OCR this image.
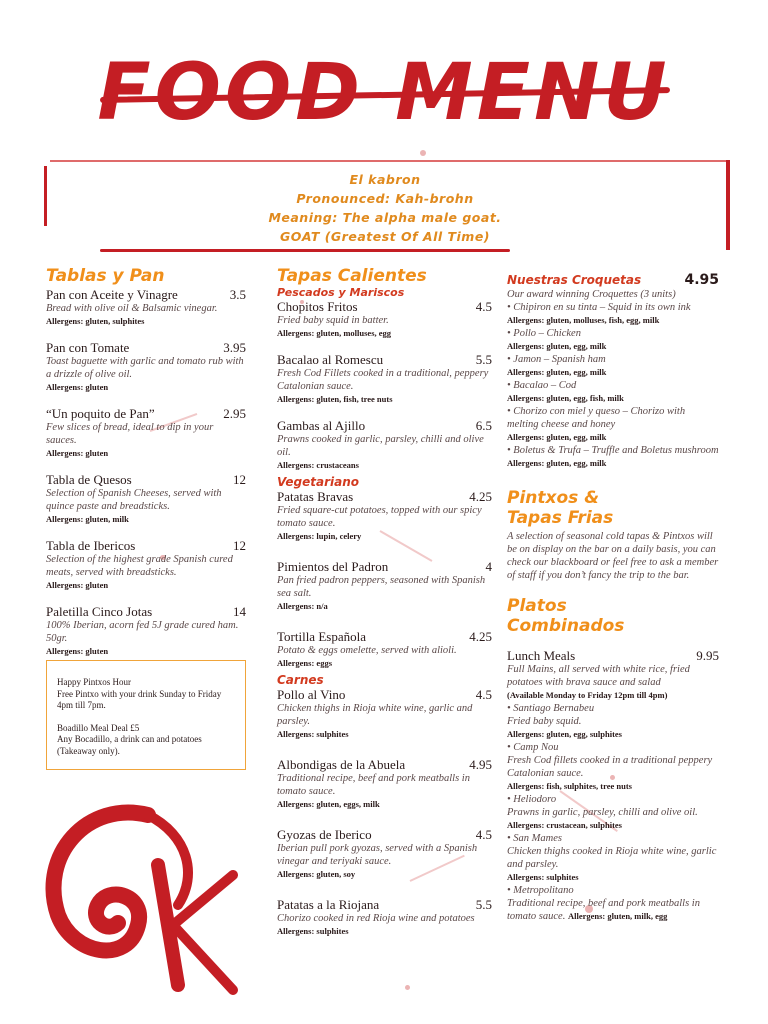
FOOD MENU
El kabron
Pronounced: Kah-brohn
Meaning: The alpha male goat.
GOAT (Greatest Of All Time)
Tablas y Pan
Pan con Aceite y Vinagre	3.5
Bread with olive oil & Balsamic vinegar.
Allergens: gluten, sulphites
Pan con Tomate	3.95
Toast baguette with garlic and tomato rub with a drizzle of olive oil.
Allergens: gluten
“Un poquito de Pan”	2.95
Few slices of bread, ideal to dip in your sauces.
Allergens: gluten
Tabla de Quesos	12
Selection of Spanish Cheeses, served with quince paste and breadsticks.
Allergens: gluten, milk
Tabla de Ibericos	12
Selection of the highest grade Spanish cured meats, served with breadsticks.
Allergens: gluten
Paletilla Cinco Jotas	14
100% Iberian, acorn fed 5J grade cured ham. 50gr.
Allergens: gluten
Happy Pintxos Hour
Free Pintxo with your drink Sunday to Friday 4pm till 7pm.
Boadillo Meal Deal £5
Any Bocadillo, a drink can and potatoes (Takeaway only).
Tapas Calientes
Pescados y Mariscos
Chopitos Fritos	4.5
Fried baby squid in batter.
Allergens: gluten, molluses, egg
Bacalao al Romescu	5.5
Fresh Cod Fillets cooked in a traditional, peppery Catalonian sauce.
Allergens: gluten, fish, tree nuts
Gambas al Ajillo	6.5
Prawns cooked in garlic, parsley, chilli and olive oil.
Allergens: crustaceans
Vegetariano
Patatas Bravas	4.25
Fried square-cut potatoes, topped with our spicy tomato sauce.
Allergens: lupin, celery
Pimientos del Padron	4
Pan fried padron peppers, seasoned with Spanish sea salt.
Allergens: n/a
Tortilla Española	4.25
Potato & eggs omelette, served with alioli.
Allergens: eggs
Carnes
Pollo al Vino	4.5
Chicken thighs in Rioja white wine, garlic and parsley.
Allergens: sulphites
Albondigas de la Abuela	4.95
Traditional recipe, beef and pork meatballs in tomato sauce.
Allergens: gluten, eggs, milk
Gyozas de Iberico	4.5
Iberian pull pork gyozas, served with a Spanish vinegar and teriyaki sauce.
Allergens: gluten, soy
Patatas a la Riojana	5.5
Chorizo cooked in red Rioja wine and potatoes
Allergens: sulphites
Nuestras Croquetas	4.95
Our award winning Croquettes (3 units)
• Chipiron en su tinta – Squid in its own ink
Allergens: gluten, molluses, fish, egg, milk
• Pollo – Chicken
Allergens: gluten, egg, milk
• Jamon – Spanish ham
Allergens: gluten, egg, milk
• Bacalao – Cod
Allergens: gluten, egg, fish, milk
• Chorizo con miel y queso – Chorizo with melting cheese and honey
Allergens: gluten, egg, milk
• Boletus & Trufa – Truffle and Boletus mushroom
Allergens: gluten, egg, milk
Pintxos &
Tapas Frias
A selection of seasonal cold tapas & Pintxos will be on display on the bar on a daily basis, you can check our blackboard or feel free to ask a member of staff if you don’t fancy the trip to the bar.
Platos
Combinados
Lunch Meals	9.95
Full Mains, all served with white rice, fried potatoes with brava sauce and salad
(Available Monday to Friday 12pm till 4pm)
• Santiago Bernabeu
Fried baby squid.
Allergens: gluten, egg, sulphites
• Camp Nou
Fresh Cod fillets cooked in a traditional peppery Catalonian sauce.
Allergens: fish, sulphites, tree nuts
• Heliodoro
Prawns in garlic, parsley, chilli and olive oil.
Allergens: crustacean, sulphites
• San Mames
Chicken thighs cooked in Rioja white wine, garlic and parsley.
Allergens: sulphites
• Metropolitano
Traditional recipe, beef and pork meatballs in tomato sauce. Allergens: gluten, milk, egg
